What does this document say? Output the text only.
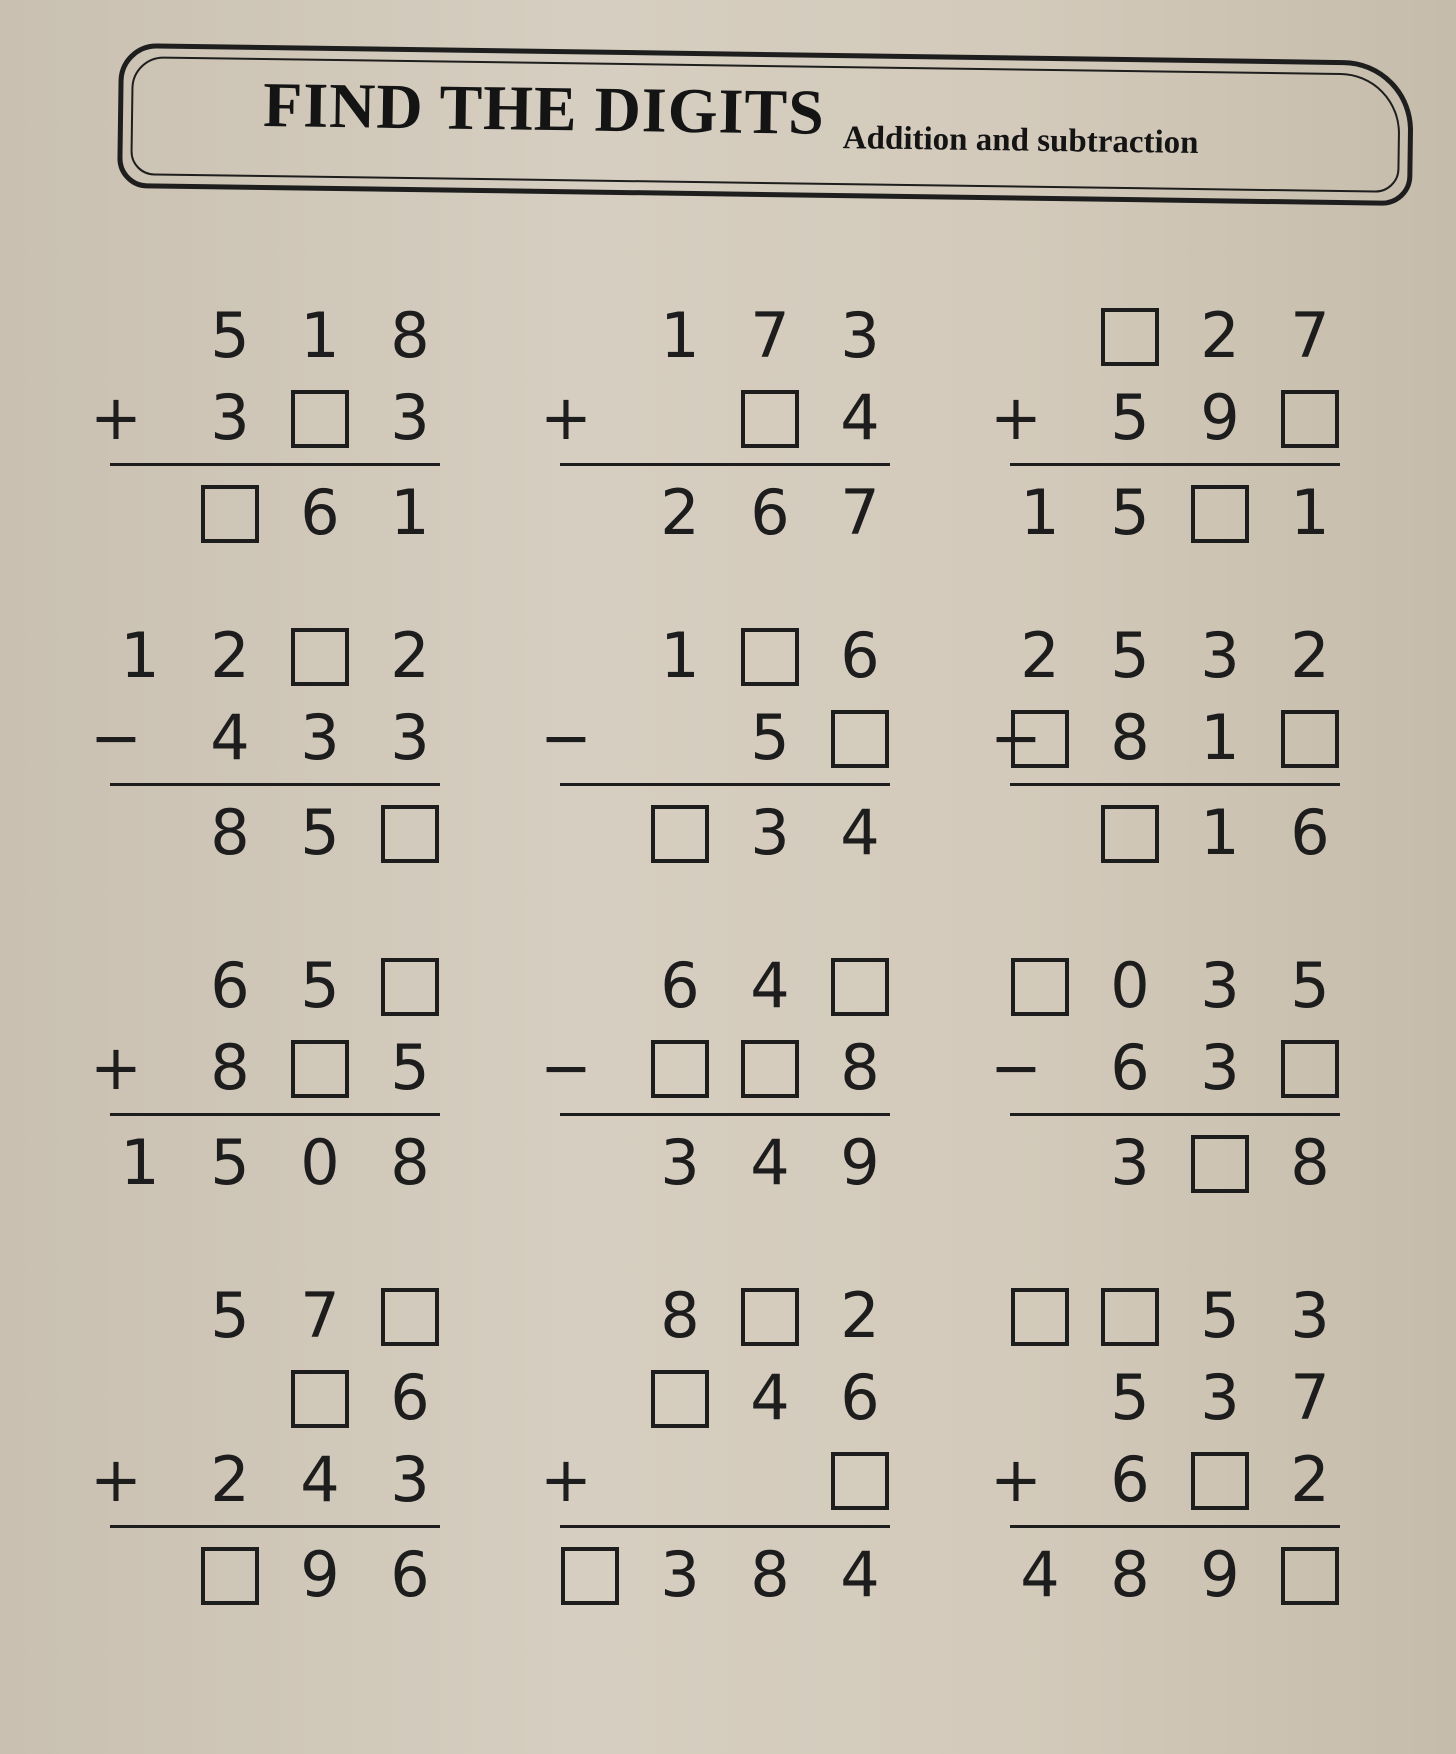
FIND THE DIGITS Addition and subtraction
5 1 8
3 3
+
6 1
1 7 3
4
+
2 6 7
2 7
5 9
+
1 5 1
1 2 2
4 3 3
−
8 5
1 6
5
−
3 4
2 5 3 2
8 1
−
1 6
6 5
8 5
+
1 5 0 8
6 4
8
−
3 4 9
0 3 5
6 3
−
3 8
5 7
6
2 4 3
+
9 6
8 2
4 6
+
3 8 4
5 3
5 3 7
6 2
+
4 8 9
